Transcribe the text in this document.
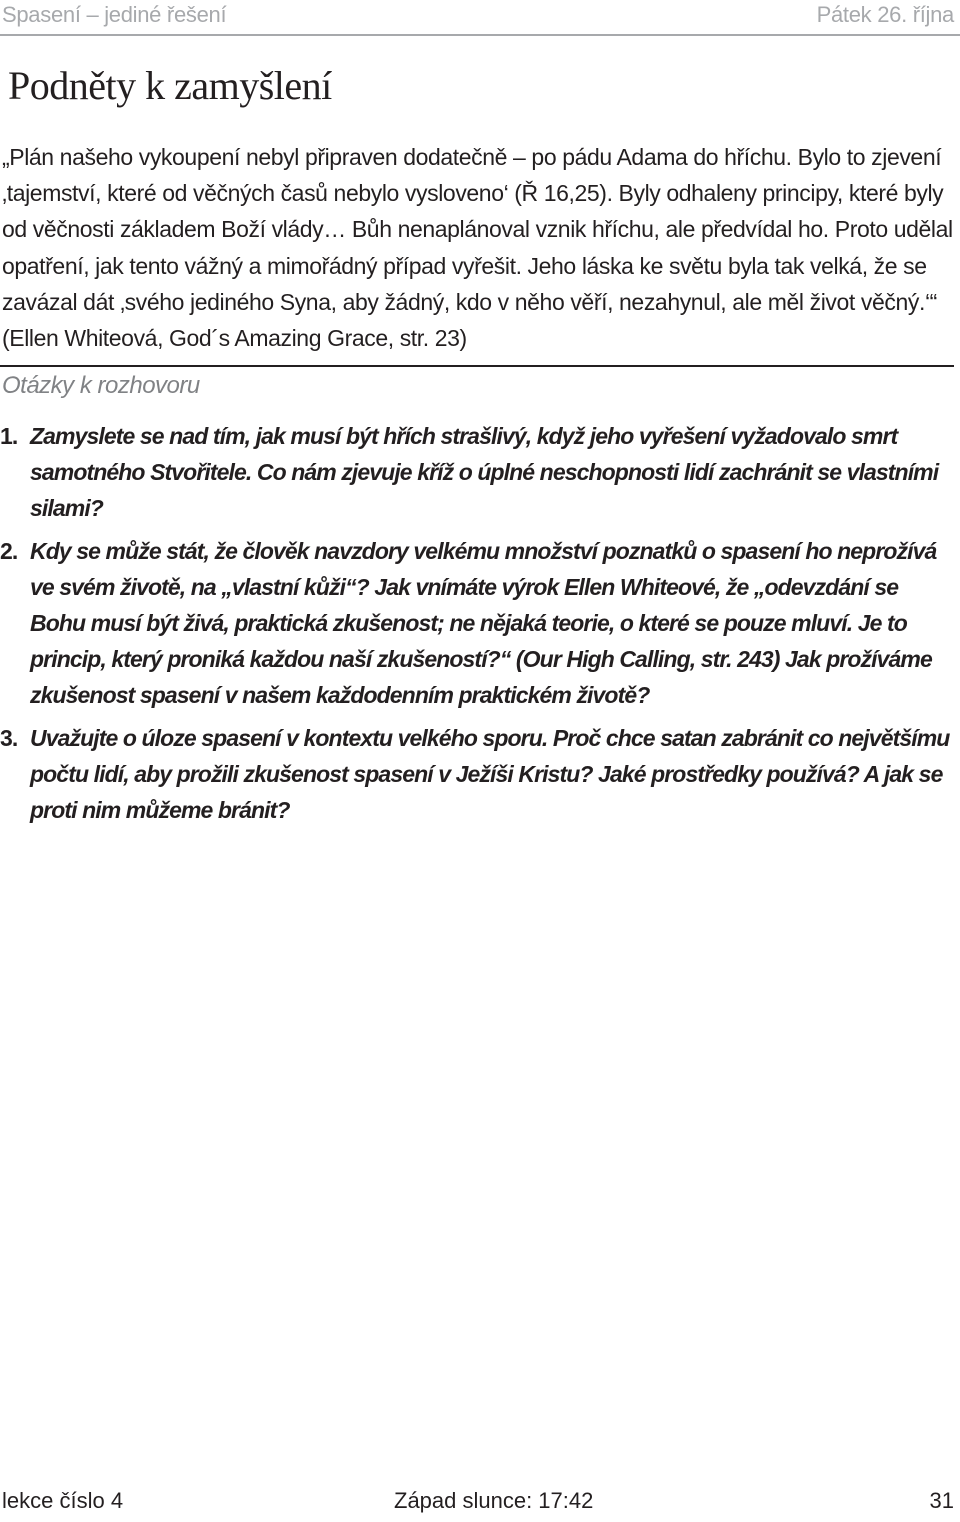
Spasení – jediné řešení	Pátek 26. října
Podněty k zamyšlení

„Plán našeho vykoupení nebyl připraven dodatečně – po pádu Adama do hříchu. Bylo to zjevení ‚tajemství, které od věčných časů nebylo vysloveno‘ (Ř 16,25). Byly odhaleny principy, které byly od věčnosti základem Boží vlády… Bůh nenaplánoval vznik hříchu, ale předvídal ho. Proto udělal opatření, jak tento vážný a mimořádný případ vyřešit. Jeho láska ke světu byla tak velká, že se zavázal dát ‚svého jediného Syna, aby žádný, kdo v něho věří, nezahynul, ale měl život věčný.‘“ (Ellen Whiteová, God´s Amazing Grace, str. 23)

Otázky k rozhovoru
1. Zamyslete se nad tím, jak musí být hřích strašlivý, když jeho vyřešení vyžadovalo smrt samotného Stvořitele. Co nám zjevuje kříž o úplné neschopnosti lidí zachránit se vlastními silami?
2. Kdy se může stát, že člověk navzdory velkému množství poznatků o spasení ho neprožívá ve svém životě, na „vlastní kůži“? Jak vnímáte výrok Ellen Whiteové, že „odevzdání se Bohu musí být živá, praktická zkušenost; ne nějaká teorie, o které se pouze mluví. Je to princip, který proniká každou naší zkušeností?“ (Our High Calling, str. 243) Jak prožíváme zkušenost spasení v našem každodenním praktickém životě?
3. Uvažujte o úloze spasení v kontextu velkého sporu. Proč chce satan zabránit co největšímu počtu lidí, aby prožili zkušenost spasení v Ježíši Kristu? Jaké prostředky používá? A jak se proti nim můžeme bránit?
lekce číslo 4	Západ slunce: 17:42	31
